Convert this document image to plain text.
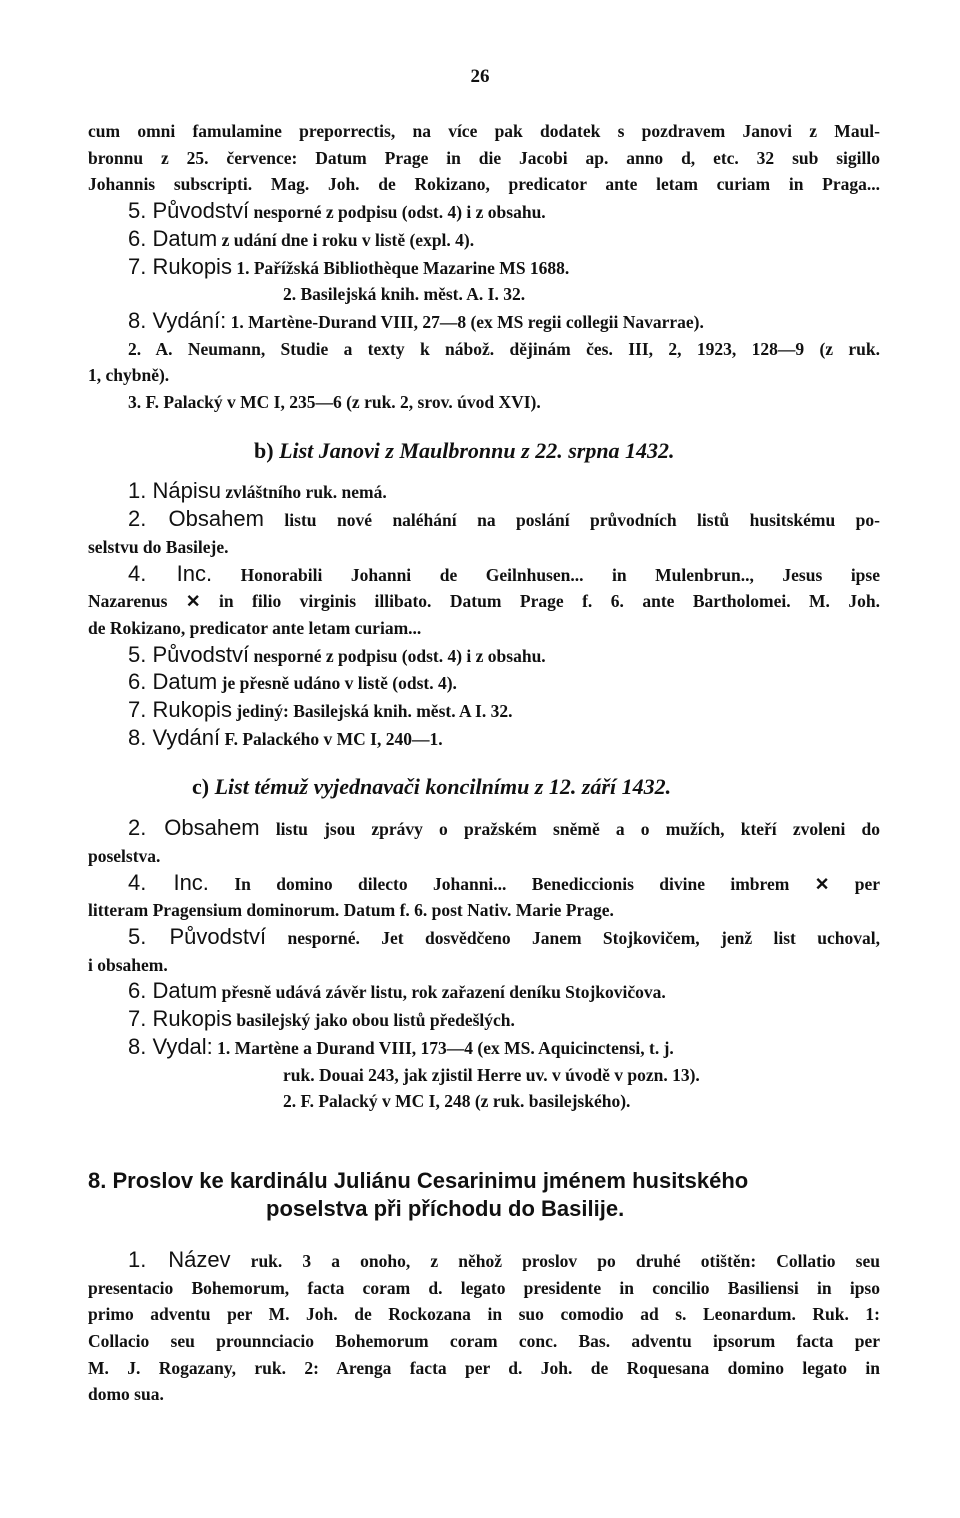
26

cum omni famulamine preporrectis, na více pak dodatek s pozdravem Janovi z Maul-

bronnu z 25. července: Datum Prage in die Jacobi ap. anno d, etc. 32 sub sigillo

Johannis subscripti. Mag. Joh. de Rokizano, predicator ante letam curiam in Praga...

5. Původství nesporné z podpisu (odst. 4) i z obsahu.

6. Datum z udání dne i roku v listě (expl. 4).

7. Rukopis 1. Pařížská Bibliothèque Mazarine MS 1688.

2. Basilejská knih. měst. A. I. 32.

8. Vydání: 1. Martène-Durand VIII, 27—8 (ex MS regii collegii Navarrae).

2. A. Neumann, Studie a texty k nábož. dějinám čes. III, 2, 1923, 128—9 (z ruk.

1, chybně).

3. F. Palacký v MC I, 235—6 (z ruk. 2, srov. úvod XVI).

b) List Janovi z Maulbronnu z 22. srpna 1432.

1. Nápisu zvláštního ruk. nemá.

2. Obsahem listu nové naléhání na poslání průvodních listů husitskému po-

selstvu do Basileje.

4. Inc. Honorabili Johanni de Geilnhusen... in Mulenbrun.., Jesus ipse

Nazarenus ✕ in filio virginis illibato. Datum Prage f. 6. ante Bartholomei. M. Joh.

de Rokizano, predicator ante letam curiam...

5. Původství nesporné z podpisu (odst. 4) i z obsahu.

6. Datum je přesně udáno v listě (odst. 4).

7. Rukopis jediný: Basilejská knih. měst. A I. 32.

8. Vydání F. Palackého v MC I, 240—1.

c) List témuž vyjednavači koncilnímu z 12. září 1432.

2. Obsahem listu jsou zprávy o pražském sněmě a o mužích, kteří zvoleni do

poselstva.

4. Inc. In domino dilecto Johanni... Benediccionis divine imbrem ✕ per

litteram Pragensium dominorum. Datum f. 6. post Nativ. Marie Prage.

5. Původství nesporné. Jet dosvědčeno Janem Stojkovičem, jenž list uchoval,

i obsahem.

6. Datum přesně udává závěr listu, rok zařazení deníku Stojkovičova.

7. Rukopis basilejský jako obou listů předešlých.

8. Vydal: 1. Martène a Durand VIII, 173—4 (ex MS. Aquicinctensi, t. j.

ruk. Douai 243, jak zjistil Herre uv. v úvodě v pozn. 13).

2. F. Palacký v MC I, 248 (z ruk. basilejského).

8. Proslov ke kardinálu Juliánu Cesarinimu jménem husitského

poselstva při příchodu do Basilije.

1. Název ruk. 3 a onoho, z něhož proslov po druhé otištěn: Collatio seu

presentacio Bohemorum, facta coram d. legato presidente in concilio Basiliensi in ipso

primo adventu per M. Joh. de Rockozana in suo comodio ad s. Leonardum. Ruk. 1:

Collacio seu prounnciacio Bohemorum coram conc. Bas. adventu ipsorum facta per

M. J. Rogazany, ruk. 2: Arenga facta per d. Joh. de Roquesana domino legato in

domo sua.
